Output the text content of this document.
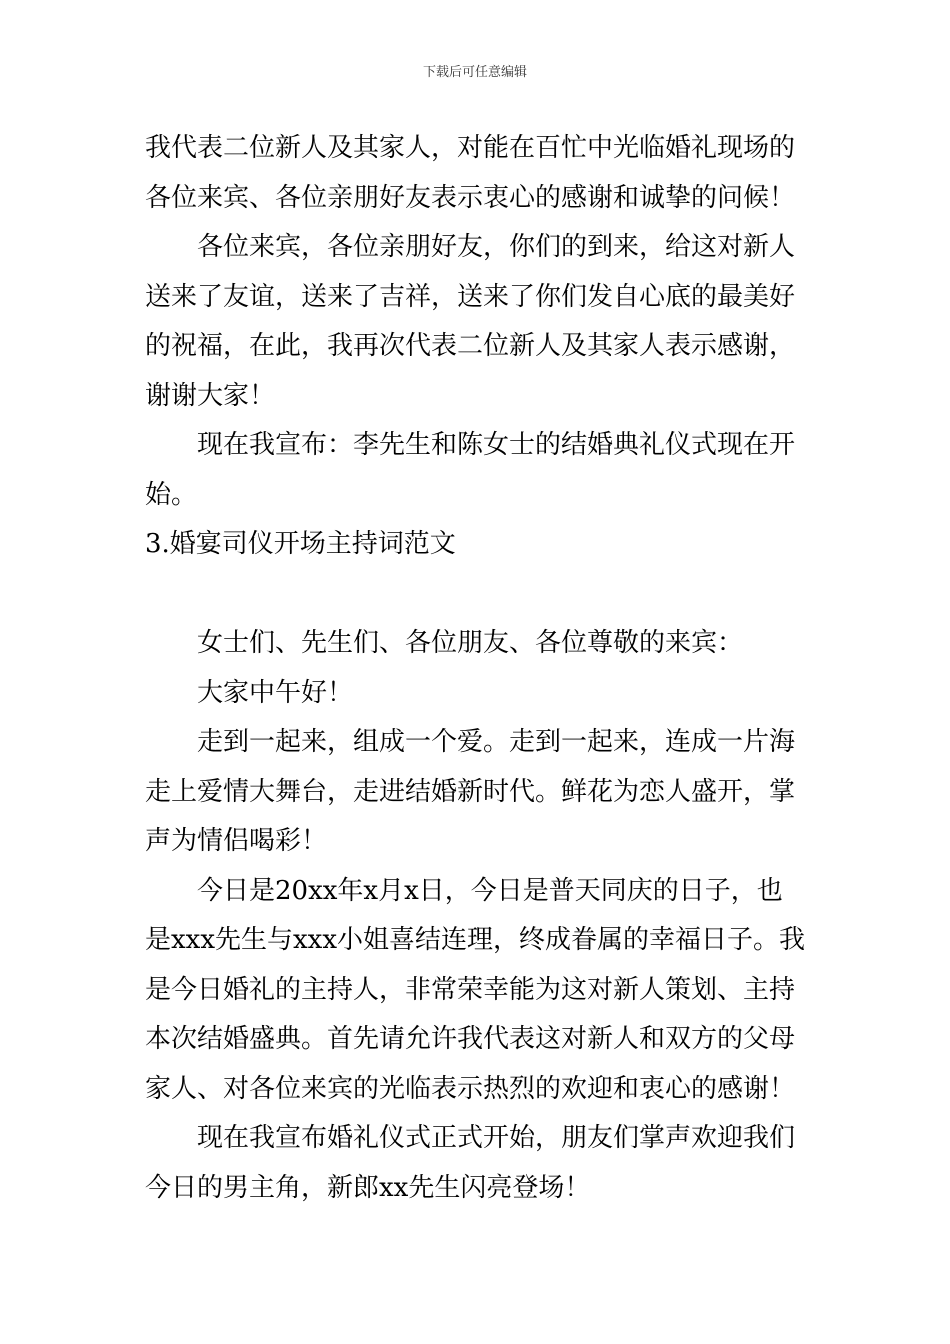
下载后可任意编辑
我代表二位新人及其家人，对能在百忙中光临婚礼现场的
各位来宾、各位亲朋好友表示衷心的感谢和诚挚的问候！
各位来宾，各位亲朋好友，你们的到来，给这对新人
送来了友谊，送来了吉祥，送来了你们发自心底的最美好
的祝福，在此，我再次代表二位新人及其家人表示感谢，
谢谢大家！
现在我宣布：李先生和陈女士的结婚典礼仪式现在开
始。
3.婚宴司仪开场主持词范文
女士们、先生们、各位朋友、各位尊敬的来宾：
大家中午好！
走到一起来，组成一个爱。走到一起来，连成一片海
走上爱情大舞台，走进结婚新时代。鲜花为恋人盛开，掌
声为情侣喝彩！
今日是20xx年x月x日，今日是普天同庆的日子，也
是xxx先生与xxx小姐喜结连理，终成眷属的幸福日子。我
是今日婚礼的主持人，非常荣幸能为这对新人策划、主持
本次结婚盛典。首先请允许我代表这对新人和双方的父母
家人、对各位来宾的光临表示热烈的欢迎和衷心的感谢！
现在我宣布婚礼仪式正式开始，朋友们掌声欢迎我们
今日的男主角，新郎xx先生闪亮登场！
